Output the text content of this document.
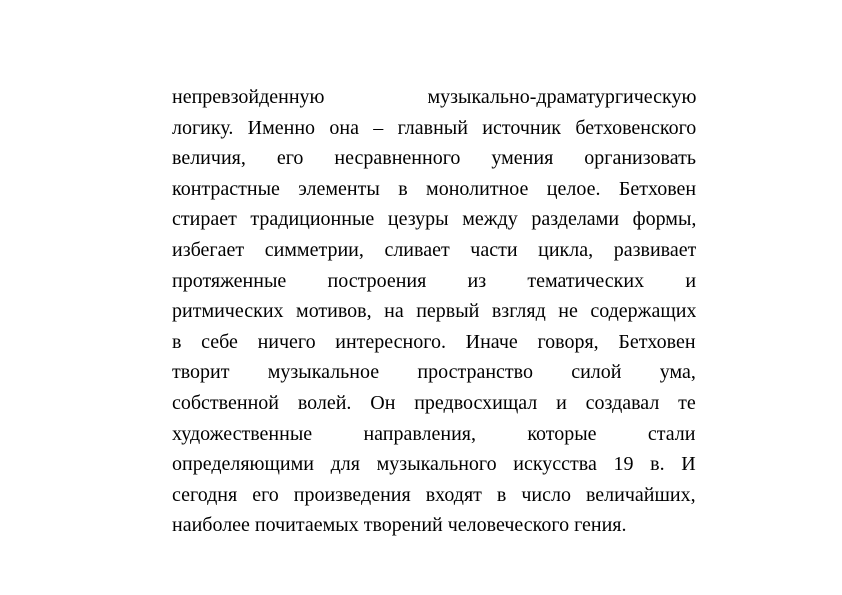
непревзойденную музыкально-драматургическую
логику. Именно она – главный источник бетховенского
величия, его несравненного умения организовать
контрастные элементы в монолитное целое. Бетховен
стирает традиционные цезуры между разделами формы,
избегает симметрии, сливает части цикла, развивает
протяженные построения из тематических и
ритмических мотивов, на первый взгляд не содержащих
в себе ничего интересного. Иначе говоря, Бетховен
творит музыкальное пространство силой ума,
собственной волей. Он предвосхищал и создавал те
художественные направления, которые стали
определяющими для музыкального искусства 19 в. И
сегодня его произведения входят в число величайших,
наиболее почитаемых творений человеческого гения.
